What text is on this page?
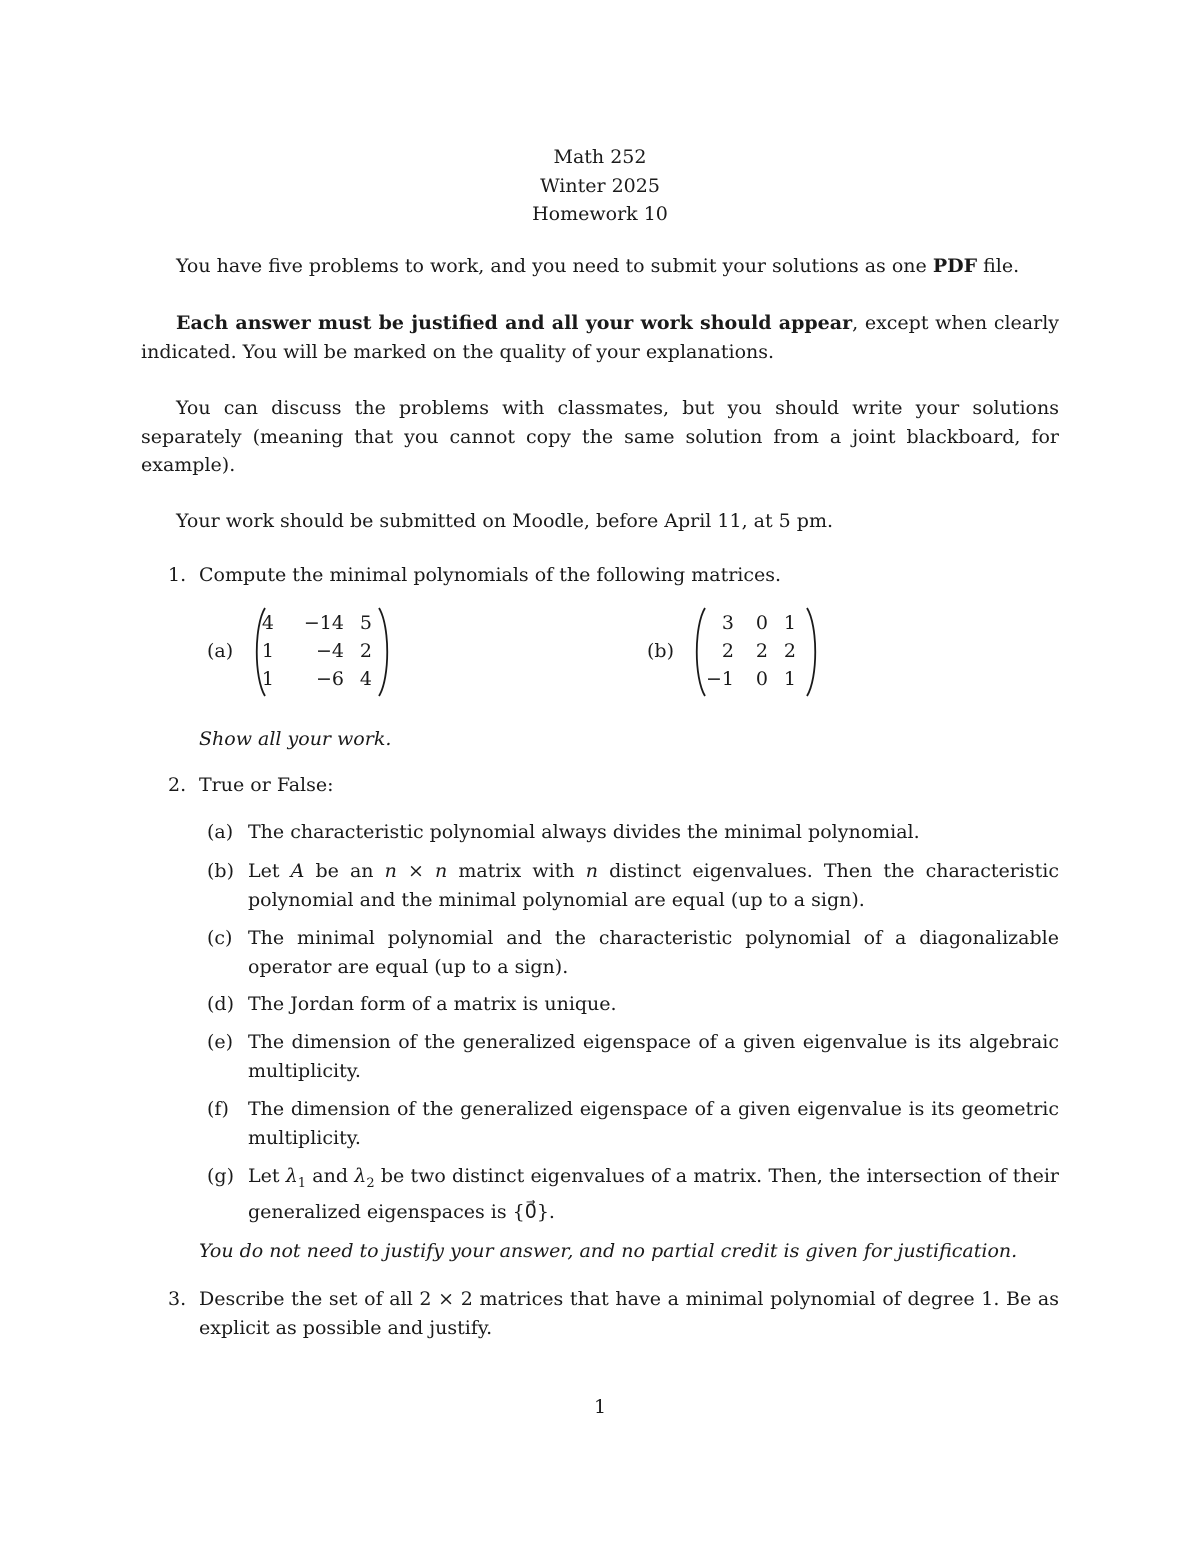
Math 252
Winter 2025
Homework 10
You have five problems to work, and you need to submit your solutions as one PDF file.
Each answer must be justified and all your work should appear, except when clearly indicated. You will be marked on the quality of your explanations.
You can discuss the problems with classmates, but you should write your solutions separately (meaning that you cannot copy the same solution from a joint blackboard, for example).
Your work should be submitted on Moodle, before April 11, at 5 pm.
1. Compute the minimal polynomials of the following matrices.
(a)
4 −14 5
1	−4 2
1	−6 4
(b)
3	0 1
2	2 2
−1	0 1
Show all your work.
2. True or False:
(a) The characteristic polynomial always divides the minimal polynomial.
(b) Let A be an n × n matrix with n distinct eigenvalues. Then the characteristic polynomial and the minimal polynomial are equal (up to a sign).
(c) The minimal polynomial and the characteristic polynomial of a diagonalizable operator are equal (up to a sign).
(d) The Jordan form of a matrix is unique.
(e) The dimension of the generalized eigenspace of a given eigenvalue is its algebraic multiplicity.
(f) The dimension of the generalized eigenspace of a given eigenvalue is its geometric multiplicity.
(g) Let $\lambda_1$ and $\lambda_2$ be two distinct eigenvalues of a matrix. Then, the intersection of their generalized eigenspaces is {0⃗}.
You do not need to justify your answer, and no partial credit is given for justification.
3. Describe the set of all 2 × 2 matrices that have a minimal polynomial of degree 1. Be as explicit as possible and justify.
1
